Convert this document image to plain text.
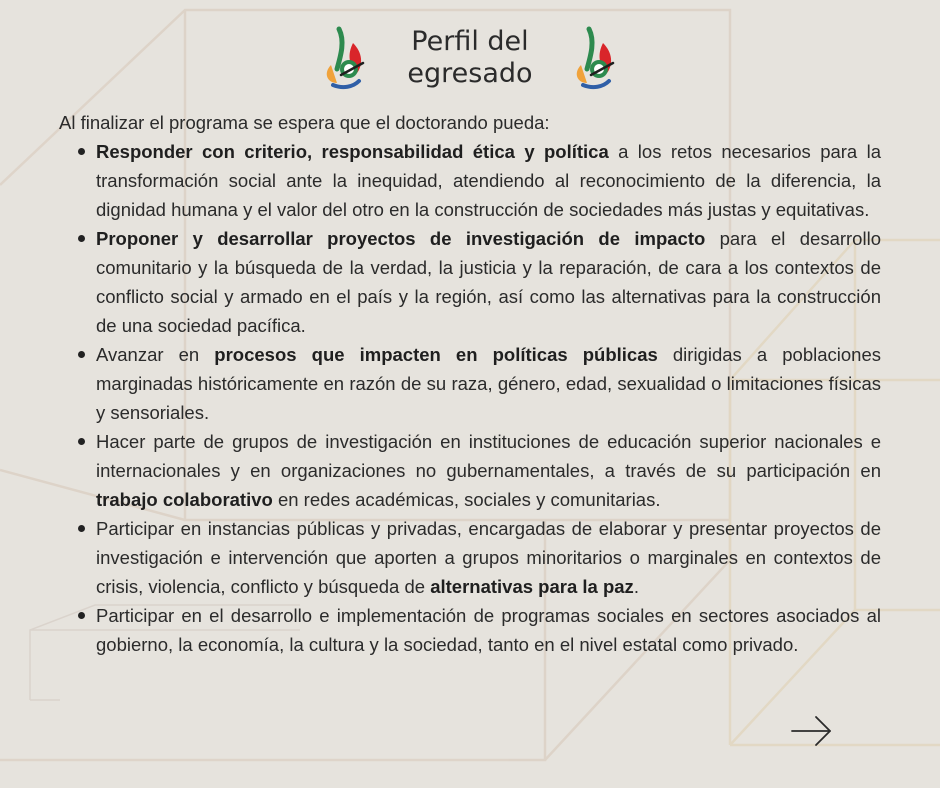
Perfil del
egresado

Al finalizar el programa se espera que el doctorando pueda:

Responder con criterio, responsabilidad ética y política a los retos necesarios para la transformación social ante la inequidad, atendiendo al reconocimiento de la diferencia, la dignidad humana y el valor del otro en la construcción de sociedades más justas y equitativas.
Proponer y desarrollar proyectos de investigación de impacto para el desarrollo comunitario y la búsqueda de la verdad, la justicia y la reparación, de cara a los contextos de conflicto social y armado en el país y la región, así como las alternativas para la construcción de una sociedad pacífica.
Avanzar en procesos que impacten en políticas públicas dirigidas a poblaciones marginadas históricamente en razón de su raza, género, edad, sexualidad o limitaciones físicas y sensoriales.
Hacer parte de grupos de investigación en instituciones de educación superior nacionales e internacionales y en organizaciones no gubernamentales, a través de su participación en trabajo colaborativo en redes académicas, sociales y comunitarias.
Participar en instancias públicas y privadas, encargadas de elaborar y presentar proyectos de investigación e intervención que aporten a grupos minoritarios o marginales en contextos de crisis, violencia, conflicto y búsqueda de alternativas para la paz.
Participar en el desarrollo e implementación de programas sociales en sectores asociados al gobierno, la economía, la cultura y la sociedad, tanto en el nivel estatal como privado.
